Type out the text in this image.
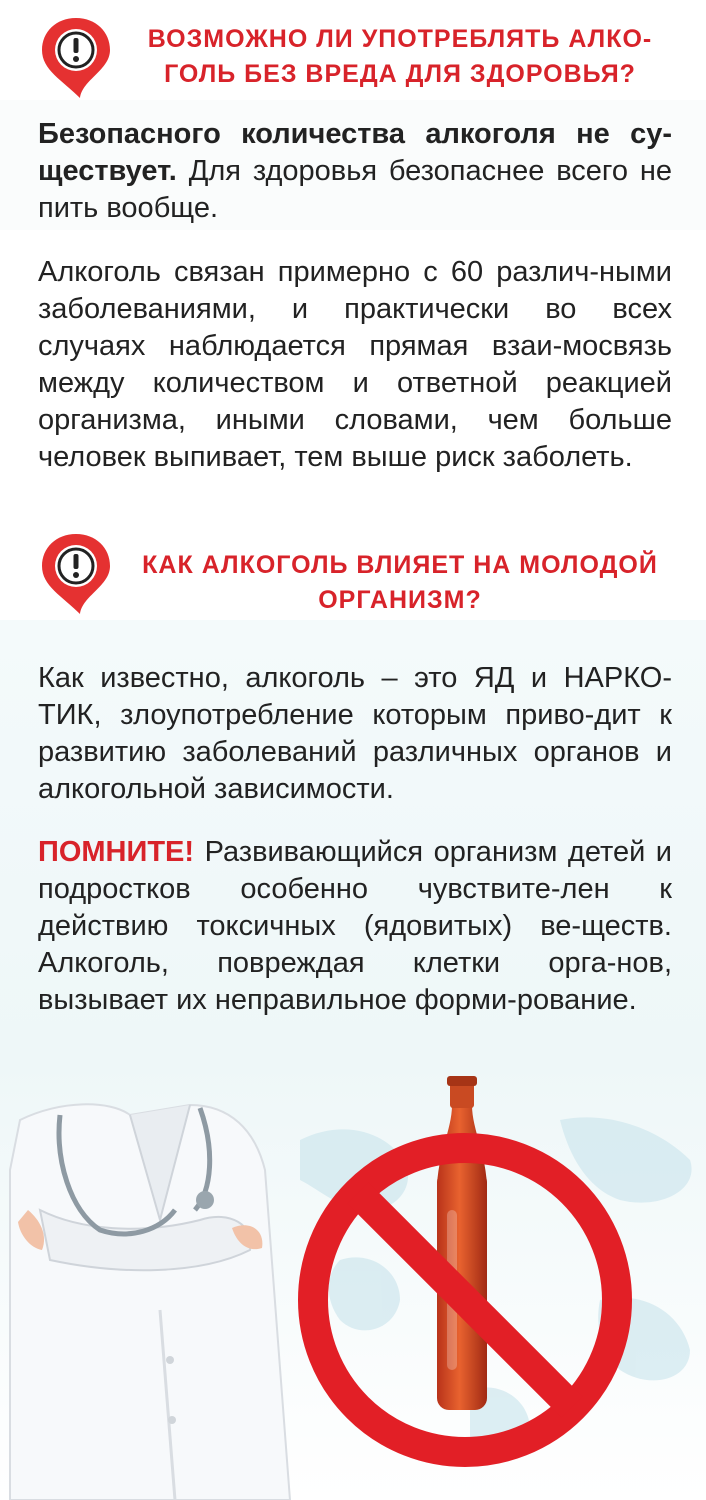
ВОЗМОЖНО ЛИ УПОТРЕБЛЯТЬ АЛКО-
ГОЛЬ БЕЗ ВРЕДА ДЛЯ ЗДОРОВЬЯ?

Безопасного количества алкоголя не су-ществует. Для здоровья безопаснее всего не пить вообще.

Алкоголь связан примерно с 60 различ-ными заболеваниями, и практически во всех случаях наблюдается прямая взаи-мосвязь между количеством и ответной реакцией организма, иными словами, чем больше человек выпивает, тем выше риск заболеть.

КАК АЛКОГОЛЬ ВЛИЯЕТ НА МОЛОДОЙ
ОРГАНИЗМ?

Как известно, алкоголь – это ЯД и НАРКО-ТИК, злоупотребление которым приво-дит к развитию заболеваний различных органов и алкогольной зависимости.

ПОМНИТЕ! Развивающийся организм детей и подростков особенно чувствите-лен к действию токсичных (ядовитых) ве-ществ. Алкоголь, повреждая клетки орга-нов, вызывает их неправильное форми-рование.
